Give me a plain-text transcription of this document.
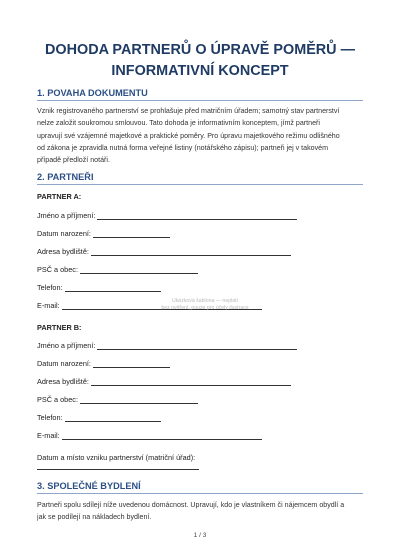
DOHODA PARTNERŮ O ÚPRAVĚ POMĚRŮ —
INFORMATIVNÍ KONCEPT
1. POVAHA DOKUMENTU
Vznik registrovaného partnerství se prohlašuje před matričním úřadem; samotný stav partnerství
nelze založit soukromou smlouvou. Tato dohoda je informativním konceptem, jímž partneři
upravují své vzájemné majetkové a praktické poměry. Pro úpravu majetkového režimu odlišného
od zákona je zpravidla nutná forma veřejné listiny (notářského zápisu); partneři jej v takovém
případě předloží notáři.
2. PARTNEŘI
PARTNER A:
Jméno a příjmení:
Datum narození:
Adresa bydliště:
PSČ a obec:
Telefon:
E-mail:
PARTNER B:
Jméno a příjmení:
Datum narození:
Adresa bydliště:
PSČ a obec:
Telefon:
E-mail:
Datum a místo vzniku partnerství (matriční úřad):
3. SPOLEČNÉ BYDLENÍ
Partneři spolu sdílejí níže uvedenou domácnost. Upravují, kdo je vlastníkem či nájemcem obydlí a
jak se podílejí na nákladech bydlení.
Ukázková šablona — neplatí
bez ověření, pouze pro účely ilustrace
1 / 3
